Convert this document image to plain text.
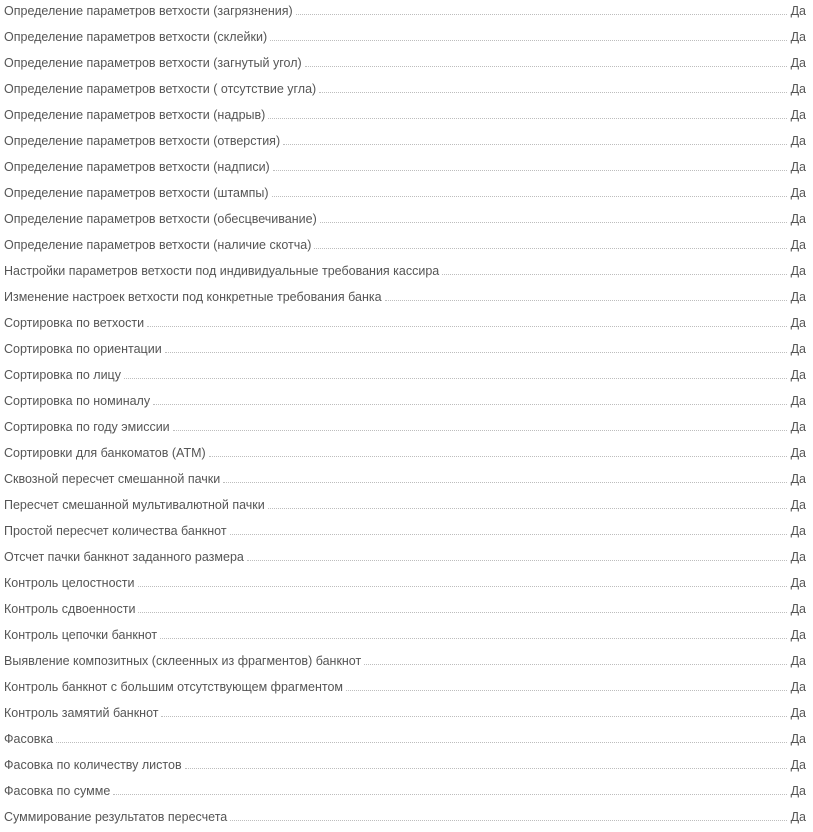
Определение параметров ветхости (загрязнения)	Да
Определение параметров ветхости (склейки)	Да
Определение параметров ветхости (загнутый угол)	Да
Определение параметров ветхости ( отсутствие угла)	Да
Определение параметров ветхости (надрыв)	Да
Определение параметров ветхости (отверстия)	Да
Определение параметров ветхости (надписи)	Да
Определение параметров ветхости (штампы)	Да
Определение параметров ветхости (обесцвечивание)	Да
Определение параметров ветхости (наличие скотча)	Да
Настройки параметров ветхости под индивидуальные требования кассира	Да
Изменение настроек ветхости под конкретные требования банка	Да
Сортировка по ветхости	Да
Сортировка по ориентации	Да
Сортировка по лицу	Да
Сортировка по номиналу	Да
Сортировка по году эмиссии	Да
Сортировки для банкоматов (ATM)	Да
Сквозной пересчет смешанной пачки	Да
Пересчет смешанной мультивалютной пачки	Да
Простой пересчет количества банкнот	Да
Отсчет пачки банкнот заданного размера	Да
Контроль целостности	Да
Контроль сдвоенности	Да
Контроль цепочки банкнот	Да
Выявление композитных (склеенных из фрагментов) банкнот	Да
Контроль банкнот с большим отсутствующем фрагментом	Да
Контроль замятий банкнот	Да
Фасовка	Да
Фасовка по количеству листов	Да
Фасовка по сумме	Да
Суммирование результатов пересчета	Да
